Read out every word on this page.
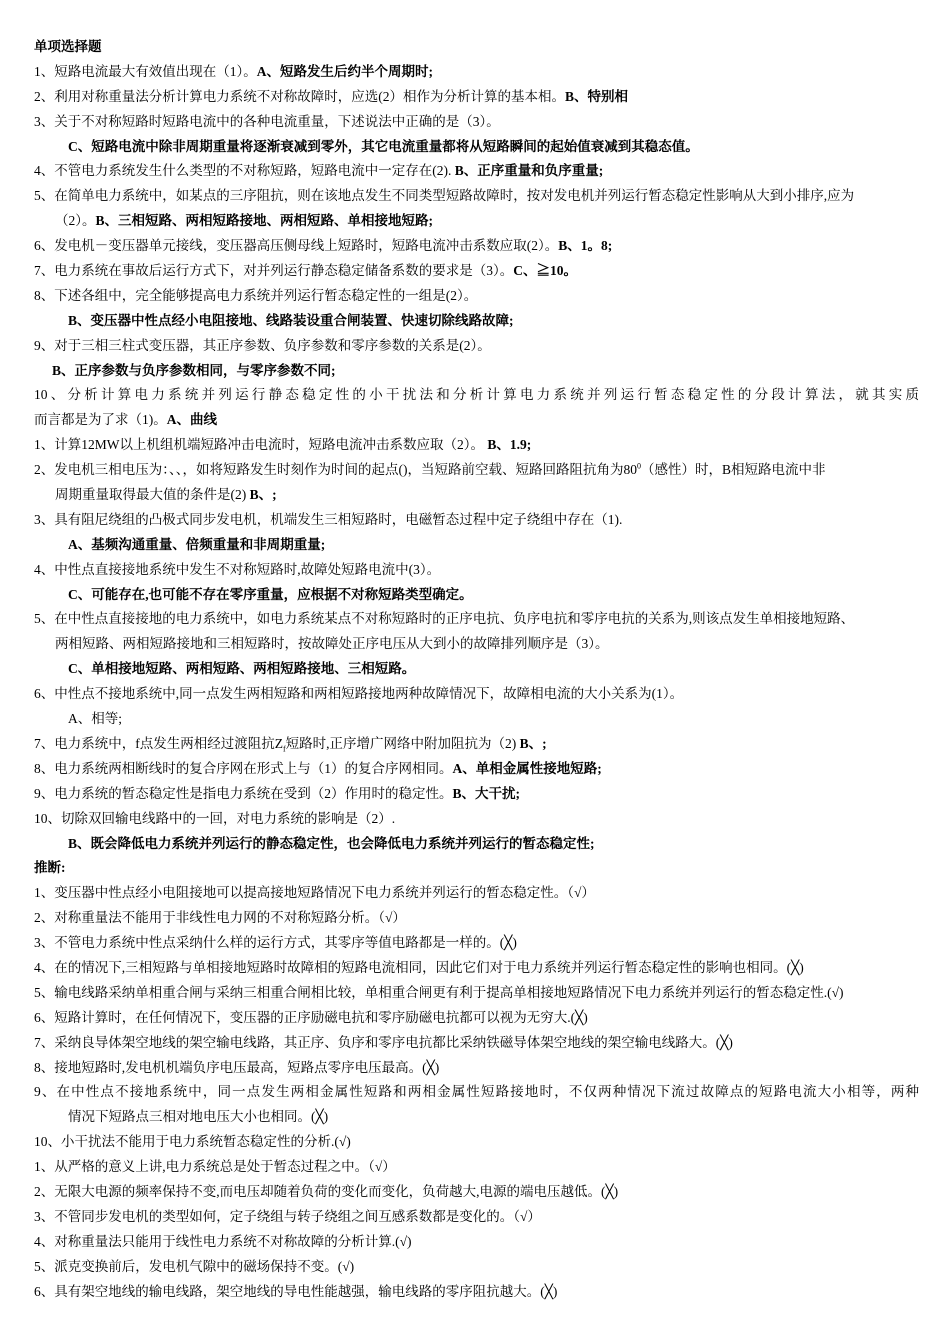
单项选择题
1、短路电流最大有效值出现在（1）。A、短路发生后约半个周期时;
2、利用对称重量法分析计算电力系统不对称故障时，应选(2）相作为分析计算的基本相。B、特别相
3、关于不对称短路时短路电流中的各种电流重量，下述说法中正确的是（3）。
C、短路电流中除非周期重量将逐渐衰减到零外，其它电流重量都将从短路瞬间的起始值衰减到其稳态值。
4、不管电力系统发生什么类型的不对称短路，短路电流中一定存在(2). B、正序重量和负序重量;
5、在简单电力系统中，如某点的三序阻抗，则在该地点发生不同类型短路故障时，按对发电机并列运行暂态稳定性影响从大到小排序,应为
（2）。B、三相短路、两相短路接地、两相短路、单相接地短路;
6、发电机－变压器单元接线，变压器高压侧母线上短路时，短路电流冲击系数应取(2）。B、1。8;
7、电力系统在事故后运行方式下，对并列运行静态稳定储备系数的要求是（3）。C、≧10。
8、下述各组中，完全能够提高电力系统并列运行暂态稳定性的一组是(2）。
B、变压器中性点经小电阻接地、线路装设重合闸装置、快速切除线路故障;
9、对于三相三柱式变压器，其正序参数、负序参数和零序参数的关系是(2）。
B、正序参数与负序参数相同，与零序参数不同;
10、分析计算电力系统并列运行静态稳定性的小干扰法和分析计算电力系统并列运行暂态稳定性的分段计算法，就其实质
而言都是为了求（1)。A、曲线
1、计算12MW以上机组机端短路冲击电流时，短路电流冲击系数应取（2）。 B、1.9;
2、发电机三相电压为：、、，如将短路发生时刻作为时间的起点()，当短路前空载、短路回路阻抗角为$80^0$（感性）时，B相短路电流中非
周期重量取得最大值的条件是(2) B、;
3、具有阻尼绕组的凸极式同步发电机，机端发生三相短路时，电磁暂态过程中定子绕组中存在（1).
A、基频沟通重量、倍频重量和非周期重量;
4、中性点直接接地系统中发生不对称短路时,故障处短路电流中(3）。
C、可能存在,也可能不存在零序重量，应根据不对称短路类型确定。
5、在中性点直接接地的电力系统中，如电力系统某点不对称短路时的正序电抗、负序电抗和零序电抗的关系为,则该点发生单相接地短路、
两相短路、两相短路接地和三相短路时，按故障处正序电压从大到小的故障排列顺序是（3）。
C、单相接地短路、两相短路、两相短路接地、三相短路。
6、中性点不接地系统中,同一点发生两相短路和两相短路接地两种故障情况下，故障相电流的大小关系为(1）。
A、相等;
7、电力系统中，f点发生两相经过渡阻抗$Z_f$短路时,正序增广网络中附加阻抗为（2) B、;
8、电力系统两相断线时的复合序网在形式上与（1）的复合序网相同。A、单相金属性接地短路;
9、电力系统的暂态稳定性是指电力系统在受到（2）作用时的稳定性。B、大干扰;
10、切除双回输电线路中的一回，对电力系统的影响是（2）.
B、既会降低电力系统并列运行的静态稳定性，也会降低电力系统并列运行的暂态稳定性;
推断:
1、变压器中性点经小电阻接地可以提高接地短路情况下电力系统并列运行的暂态稳定性。（√）
2、对称重量法不能用于非线性电力网的不对称短路分析。（√）
3、不管电力系统中性点采纳什么样的运行方式，其零序等值电路都是一样的。(╳)
4、在的情况下,三相短路与单相接地短路时故障相的短路电流相同，因此它们对于电力系统并列运行暂态稳定性的影响也相同。(╳)
5、输电线路采纳单相重合闸与采纳三相重合闸相比较，单相重合闸更有利于提高单相接地短路情况下电力系统并列运行的暂态稳定性.(√)
6、短路计算时，在任何情况下，变压器的正序励磁电抗和零序励磁电抗都可以视为无穷大.(╳)
7、采纳良导体架空地线的架空输电线路，其正序、负序和零序电抗都比采纳铁磁导体架空地线的架空输电线路大。(╳)
8、接地短路时,发电机机端负序电压最高，短路点零序电压最高。(╳)
9、在中性点不接地系统中，同一点发生两相金属性短路和两相金属性短路接地时，不仅两种情况下流过故障点的短路电流大小相等，两种
情况下短路点三相对地电压大小也相同。(╳)
10、小干扰法不能用于电力系统暂态稳定性的分析.(√)
1、从严格的意义上讲,电力系统总是处于暂态过程之中。（√）
2、无限大电源的频率保持不变,而电压却随着负荷的变化而变化，负荷越大,电源的端电压越低。(╳)
3、不管同步发电机的类型如何，定子绕组与转子绕组之间互感系数都是变化的。（√）
4、对称重量法只能用于线性电力系统不对称故障的分析计算.(√)
5、派克变换前后，发电机气隙中的磁场保持不变。(√)
6、具有架空地线的输电线路，架空地线的导电性能越强，输电线路的零序阻抗越大。(╳)
